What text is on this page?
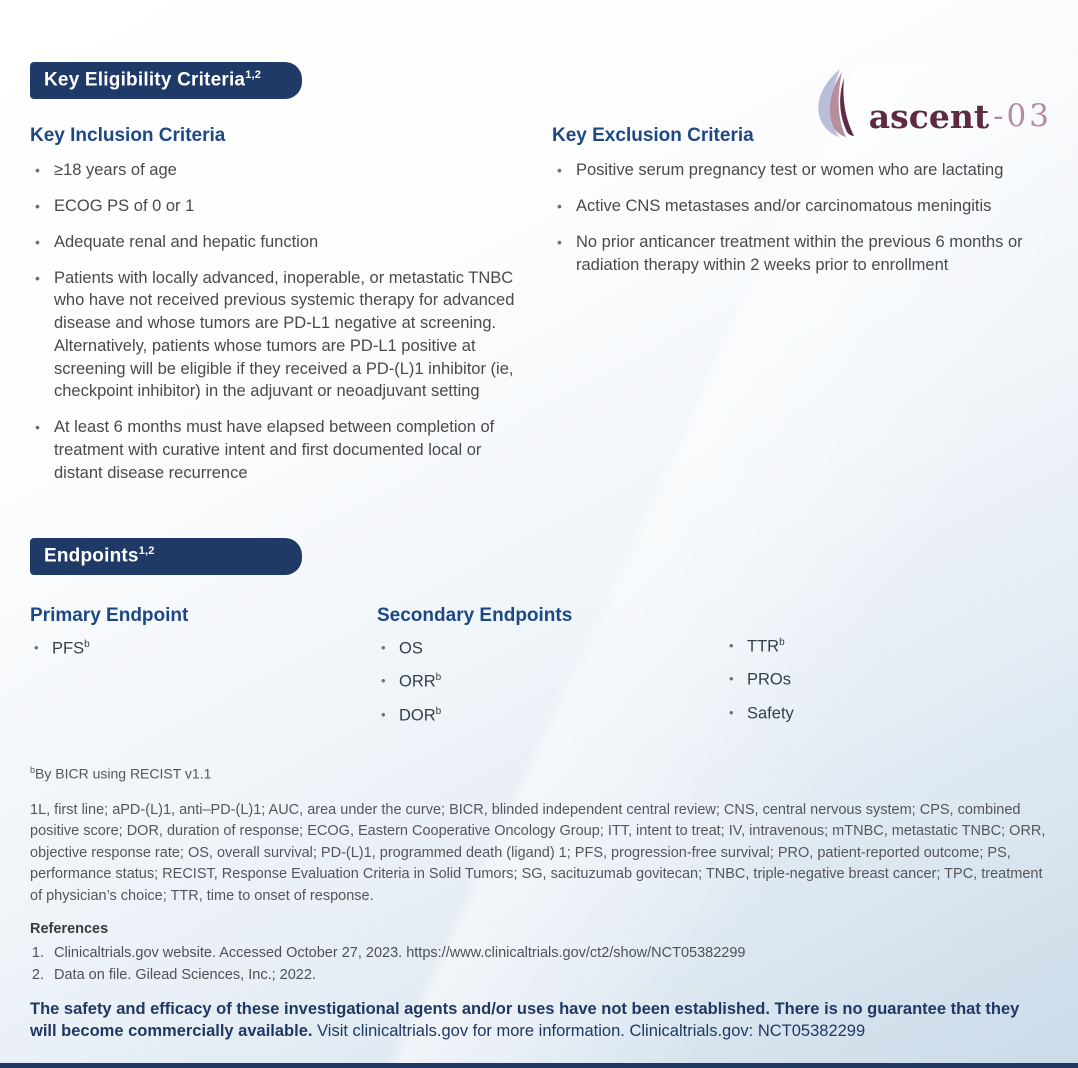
ascent -03
Key Eligibility Criteria$^{1,2}$
Key Inclusion Criteria
• ≥18 years of age
• ECOG PS of 0 or 1
• Adequate renal and hepatic function
• Patients with locally advanced, inoperable, or metastatic TNBC who have not received previous systemic therapy for advanced disease and whose tumors are PD-L1 negative at screening. Alternatively, patients whose tumors are PD-L1 positive at screening will be eligible if they received a PD-(L)1 inhibitor (ie, checkpoint inhibitor) in the adjuvant or neoadjuvant setting
• At least 6 months must have elapsed between completion of treatment with curative intent and first documented local or distant disease recurrence
Key Exclusion Criteria
• Positive serum pregnancy test or women who are lactating
• Active CNS metastases and/or carcinomatous meningitis
• No prior anticancer treatment within the previous 6 months or radiation therapy within 2 weeks prior to enrollment
Endpoints$^{1,2}$
Primary Endpoint
• PFS$^b$
Secondary Endpoints
• OS
• ORR$^b$
• DOR$^b$
• TTR$^b$
• PROs
• Safety
$^b$By BICR using RECIST v1.1
1L, first line; aPD-(L)1, anti–PD-(L)1; AUC, area under the curve; BICR, blinded independent central review; CNS, central nervous system; CPS, combined positive score; DOR, duration of response; ECOG, Eastern Cooperative Oncology Group; ITT, intent to treat; IV, intravenous; mTNBC, metastatic TNBC; ORR, objective response rate; OS, overall survival; PD-(L)1, programmed death (ligand) 1; PFS, progression-free survival; PRO, patient-reported outcome; PS, performance status; RECIST, Response Evaluation Criteria in Solid Tumors; SG, sacituzumab govitecan; TNBC, triple-negative breast cancer; TPC, treatment of physician’s choice; TTR, time to onset of response.
References
1. Clinicaltrials.gov website. Accessed October 27, 2023. https://www.clinicaltrials.gov/ct2/show/NCT05382299
2. Data on file. Gilead Sciences, Inc.; 2022.
The safety and efficacy of these investigational agents and/or uses have not been established. There is no guarantee that they will become commercially available. Visit clinicaltrials.gov for more information. Clinicaltrials.gov: NCT05382299
